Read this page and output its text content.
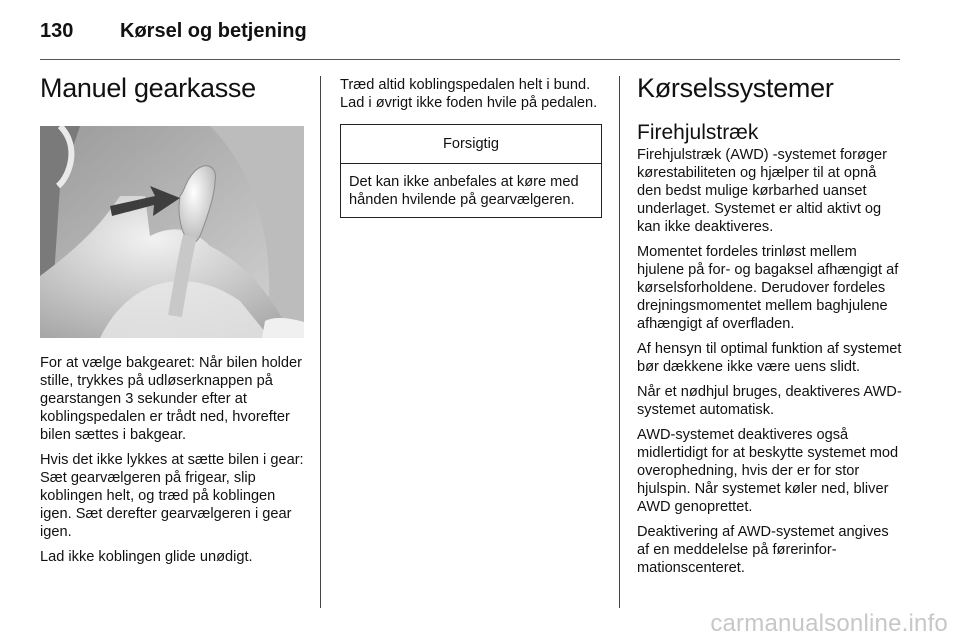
130 Kørsel og betjening
Manuel gearkasse

For at vælge bakgearet: Når bilen holder stille, trykkes på udløserknappen på gearstangen 3 sekunder efter at koblingspedalen er trådt ned, hvorefter bilen sættes i bakgear.

Hvis det ikke lykkes at sætte bilen i gear: Sæt gearvælgeren på frigear, slip koblingen helt, og træd på koblingen igen. Sæt derefter gearvælgeren i gear igen.

Lad ikke koblingen glide unødigt.

Træd altid koblingspedalen helt i bund. Lad i øvrigt ikke foden hvile på pedalen.

Forsigtig
Det kan ikke anbefales at køre med hånden hvilende på gearvælgeren.
Kørselssystemer
Firehjulstræk

Firehjulstræk (AWD) -systemet forøger kørestabiliteten og hjælper til at opnå den bedst mulige kørbarhed uanset underlaget. Systemet er altid aktivt og kan ikke deaktiveres.

Momentet fordeles trinløst mellem hjulene på for- og bagaksel afhængigt af kørselsforholdene. Derudover fordeles drejningsmomentet mellem baghjulene afhængigt af overfladen.

Af hensyn til optimal funktion af systemet bør dækkene ikke være uens slidt.

Når et nødhjul bruges, deaktiveres AWD-systemet automatisk.

AWD-systemet deaktiveres også midlertidigt for at beskytte systemet mod overophedning, hvis der er for stor hjulspin. Når systemet køler ned, bliver AWD genoprettet.

Deaktivering af AWD-systemet angives af en meddelelse på førerinformationscenteret.

carmanualsonline.info
